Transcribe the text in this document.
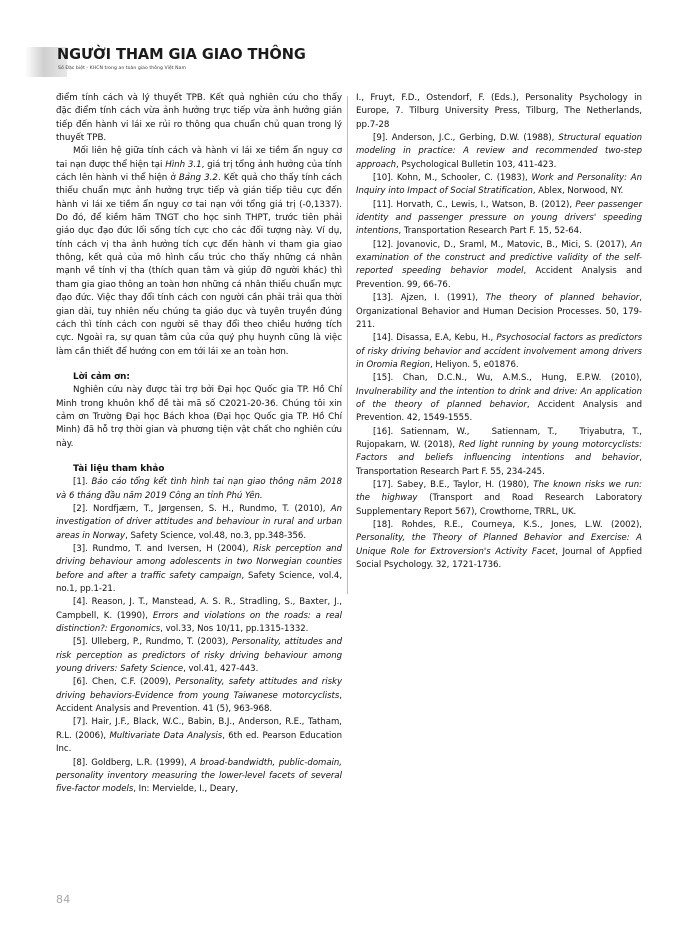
NGƯỜI THAM GIA GIAO THÔNG
Số Đặc biệt - KHCN trong an toàn giao thông Việt Nam

điểm tính cách và lý thuyết TPB. Kết quả nghiên cứu cho thấy đặc điểm tính cách vừa ảnh hưởng trực tiếp vừa ảnh hưởng gián tiếp đến hành vi lái xe rủi ro thông qua chuẩn chủ quan trong lý thuyết TPB.

Mối liên hệ giữa tính cách và hành vi lái xe tiềm ẩn nguy cơ tai nạn được thể hiện tại Hình 3.1, giá trị tổng ảnh hưởng của tính cách lên hành vi thể hiện ở Bảng 3.2. Kết quả cho thấy tính cách thiếu chuẩn mực ảnh hưởng trực tiếp và gián tiếp tiêu cực đến hành vi lái xe tiềm ẩn nguy cơ tai nạn với tổng giá trị (-0,1337). Do đó, để kiềm hãm TNGT cho học sinh THPT, trước tiên phải giáo dục đạo đức lối sống tích cực cho các đối tượng này. Ví dụ, tính cách vị tha ảnh hưởng tích cực đến hành vi tham gia giao thông, kết quả của mô hình cấu trúc cho thấy những cá nhân mạnh về tính vị tha (thích quan tâm và giúp đỡ người khác) thì tham gia giao thông an toàn hơn những cá nhân thiếu chuẩn mực đạo đức. Việc thay đổi tính cách con người cần phải trải qua thời gian dài, tuy nhiên nếu chúng ta giáo dục và tuyên truyền đúng cách thì tính cách con người sẽ thay đổi theo chiều hướng tích cực. Ngoài ra, sự quan tâm của của quý phụ huynh cũng là việc làm cần thiết để hướng con em tới lái xe an toàn hơn.

Lời cảm ơn:

Nghiên cứu này được tài trợ bởi Đại học Quốc gia TP. Hồ Chí Minh trong khuôn khổ đề tài mã số C2021-20-36. Chúng tôi xin cảm ơn Trường Đại học Bách khoa (Đại học Quốc gia TP. Hồ Chí Minh) đã hỗ trợ thời gian và phương tiện vật chất cho nghiên cứu này.

Tài liệu tham khảo

[1]. Báo cáo tổng kết tình hình tai nạn giao thông năm 2018 và 6 tháng đầu năm 2019 Công an tỉnh Phú Yên.

[2]. Nordfjærn, T., Jørgensen, S. H., Rundmo, T. (2010), An investigation of driver attitudes and behaviour in rural and urban areas in Norway, Safety Science, vol.48, no.3, pp.348-356.

[3]. Rundmo, T. and Iversen, H (2004), Risk perception and driving behaviour among adolescents in two Norwegian counties before and after a traffic safety campaign, Safety Science, vol.4, no.1, pp.1-21.

[4]. Reason, J. T., Manstead, A. S. R., Stradling, S., Baxter, J., Campbell, K. (1990), Errors and violations on the roads: a real distinction?: Ergonomics, vol.33, Nos 10/11, pp.1315-1332.

[5]. Ulleberg, P., Rundmo, T. (2003), Personality, attitudes and risk perception as predictors of risky driving behaviour among young drivers: Safety Science, vol.41, 427-443.

[6]. Chen, C.F. (2009), Personality, safety attitudes and risky driving behaviors-Evidence from young Taiwanese motorcyclists, Accident Analysis and Prevention. 41 (5), 963-968.

[7]. Hair, J.F., Black, W.C., Babin, B.J., Anderson, R.E., Tatham, R.L. (2006), Multivariate Data Analysis, 6th ed. Pearson Education Inc.

[8]. Goldberg, L.R. (1999), A broad-bandwidth, public-domain, personality inventory measuring the lower-level facets of several five-factor models, In: Mervielde, I., Deary,

I., Fruyt, F.D., Ostendorf, F. (Eds.), Personality Psychology in Europe, 7. Tilburg University Press, Tilburg, The Netherlands, pp.7-28

[9]. Anderson, J.C., Gerbing, D.W. (1988), Structural equation modeling in practice: A review and recommended two-step approach, Psychological Bulletin 103, 411-423.

[10]. Kohn, M., Schooler, C. (1983), Work and Personality: An Inquiry into Impact of Social Stratification, Ablex, Norwood, NY.

[11]. Horvath, C., Lewis, I., Watson, B. (2012), Peer passenger identity and passenger pressure on young drivers' speeding intentions, Transportation Research Part F. 15, 52-64.

[12]. Jovanovic, D., Sraml, M., Matovic, B., Mici, S. (2017), An examination of the construct and predictive validity of the self-reported speeding behavior model, Accident Analysis and Prevention. 99, 66-76.

[13]. Ajzen, I. (1991), The theory of planned behavior, Organizational Behavior and Human Decision Processes. 50, 179-211.

[14]. Disassa, E.A, Kebu, H., Psychosocial factors as predictors of risky driving behavior and accident involvement among drivers in Oromia Region, Heliyon. 5, e01876.

[15]. Chan, D.C.N., Wu, A.M.S., Hung, E.P.W. (2010), Invulnerability and the intention to drink and drive: An application of the theory of planned behavior, Accident Analysis and Prevention. 42, 1549-1555.

[16]. Satiennam, W.,   Satiennam, T.,   Triyabutra, T., Rujopakarn, W. (2018), Red light running by young motorcyclists: Factors and beliefs influencing intentions and behavior, Transportation Research Part F. 55, 234-245.

[17]. Sabey, B.E., Taylor, H. (1980), The known risks we run: the highway (Transport and Road Research Laboratory Supplementary Report 567), Crowthorne, TRRL, UK.

[18]. Rohdes, R.E., Courneya, K.S., Jones, L.W. (2002), Personality, the Theory of Planned Behavior and Exercise: A Unique Role for Extroversion's Activity Facet, Journal of Appfied Social Psychology. 32, 1721-1736.

84
